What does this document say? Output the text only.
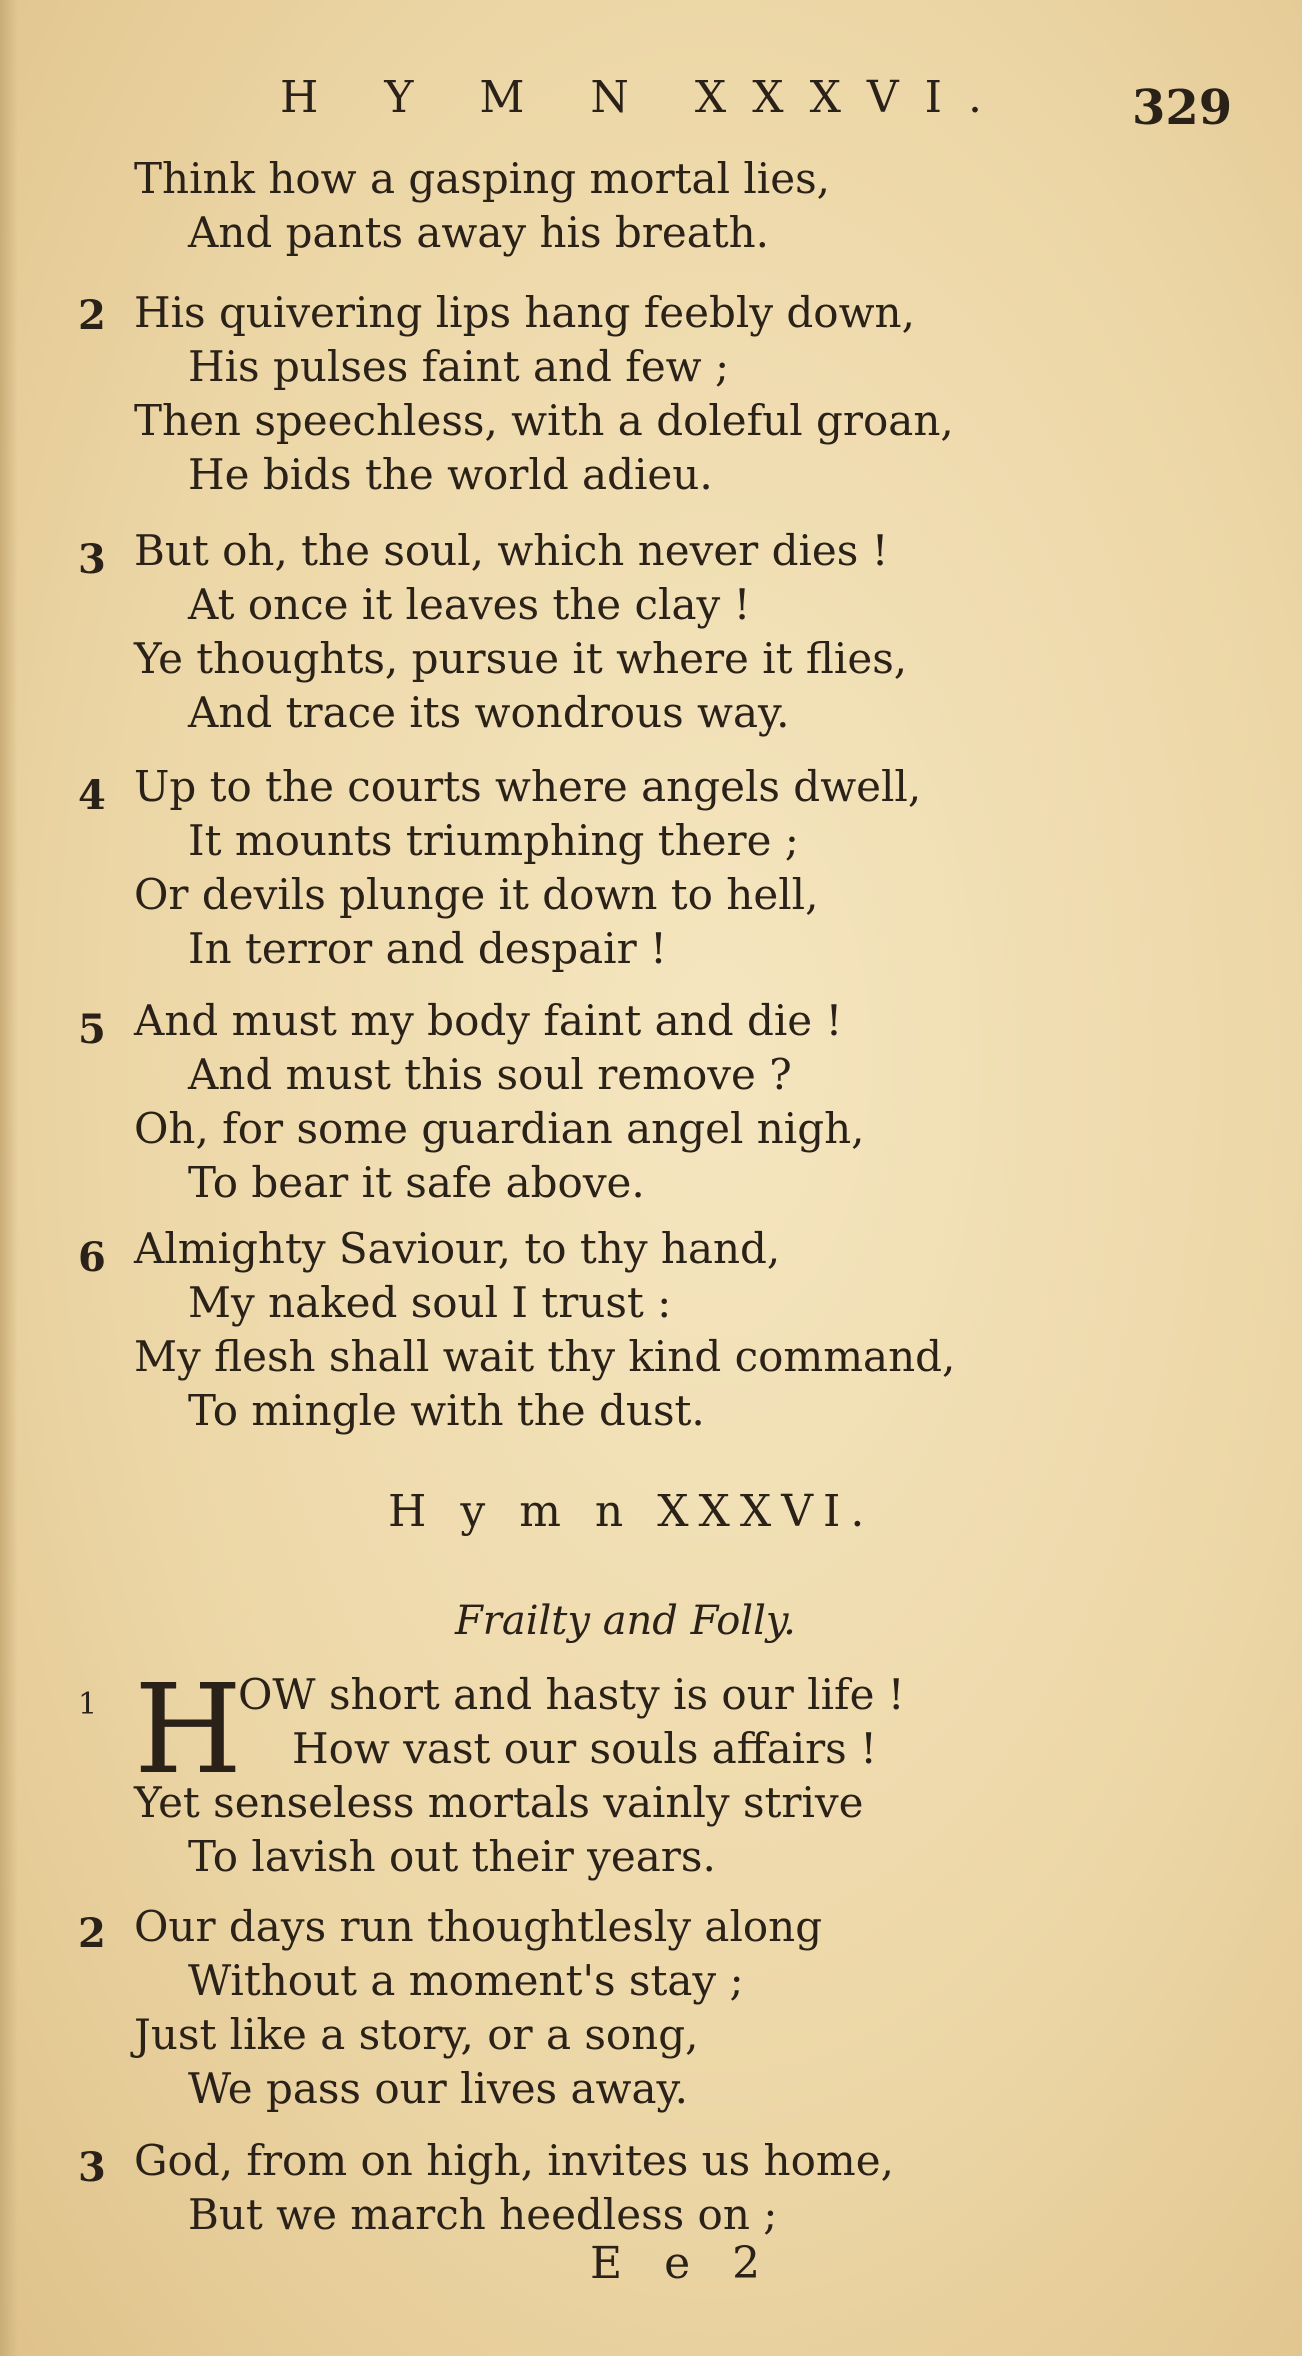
H Y M N XXXVI.	329
Think how a gasping mortal lies,
And pants away his breath.
2 His quivering lips hang feebly down,
His pulses faint and few ;
Then speechless, with a doleful groan,
He bids the world adieu.
3 But oh, the soul, which never dies !
At once it leaves the clay !
Ye thoughts, pursue it where it flies,
And trace its wondrous way.
4 Up to the courts where angels dwell,
It mounts triumphing there ;
Or devils plunge it down to hell,
In terror and despair !
5 And must my body faint and die !
And must this soul remove ?
Oh, for some guardian angel nigh,
To bear it safe above.
6 Almighty Saviour, to thy hand,
My naked soul I trust :
My flesh shall wait thy kind command,
To mingle with the dust.
H y m n XXXVI.
Frailty and Folly.
1 H
OW short and hasty is our life !
How vast our souls affairs !
Yet senseless mortals vainly strive
To lavish out their years.
2 Our days run thoughtlesly along
Without a moment's stay ;
Just like a story, or a song,
We pass our lives away.
3 God, from on high, invites us home,
But we march heedless on ;
E e 2
